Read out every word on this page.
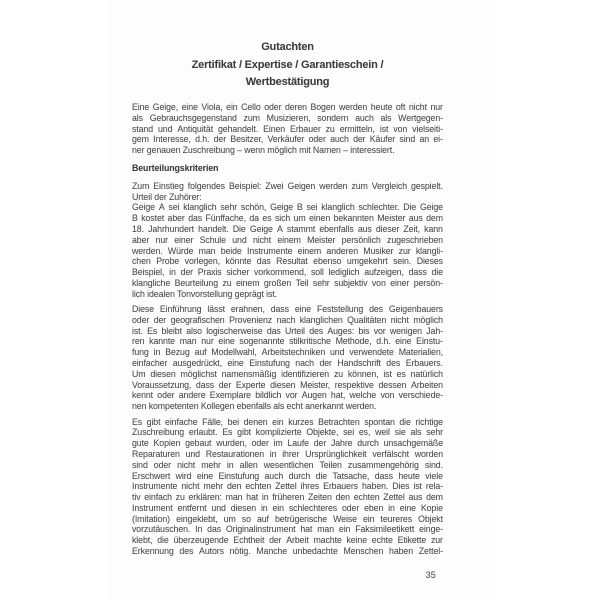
Gutachten
Zertifikat / Expertise / Garantieschein /
Wertbestätigung
Eine Geige, eine Viola, ein Cello oder deren Bogen werden heute oft nicht nur
als Gebrauchsgegenstand zum Musizieren, sondern auch als Wertgegen-
stand und Antiquität gehandelt. Einen Erbauer zu ermitteln, ist von vielseiti-
gem Interesse, d.h. der Besitzer, Verkäufer oder auch der Käufer sind an ei-
ner genauen Zuschreibung – wenn möglich mit Namen – interessiert.
Beurteilungskriterien
Zum Einstieg folgendes Beispiel: Zwei Geigen werden zum Vergleich gespielt.
Urteil der Zuhörer:
Geige A sei klanglich sehr schön, Geige B sei klanglich schlechter. Die Geige
B kostet aber das Fünffache, da es sich um einen bekannten Meister aus dem
18. Jahrhundert handelt. Die Geige A stammt ebenfalls aus dieser Zeit, kann
aber nur einer Schule und nicht einem Meister persönlich zugeschrieben
werden. Würde man beide Instrumente einem anderen Musiker zur klangli-
chen Probe vorlegen, könnte das Resultat ebenso umgekehrt sein. Dieses
Beispiel, in der Praxis sicher vorkommend, soll lediglich aufzeigen, dass die
klangliche Beurteilung zu einem großen Teil sehr subjektiv von einer persön-
lich idealen Tonvorstellung geprägt ist.
Diese Einführung lässt erahnen, dass eine Feststellung des Geigenbauers
oder der geografischen Provenienz nach klanglichen Qualitäten nicht möglich
ist. Es bleibt also logischerweise das Urteil des Auges: bis vor wenigen Jah-
ren kannte man nur eine sogenannte stilkritische Methode, d.h. eine Einstu-
fung in Bezug auf Modellwahl, Arbeitstechniken und verwendete Materialien,
einfacher ausgedrückt, eine Einstufung nach der Handschrift des Erbauers.
Um diesen möglichst namensmäßig identifizieren zu können, ist es natürlich
Voraussetzung, dass der Experte diesen Meister, respektive dessen Arbeiten
kennt oder andere Exemplare bildlich vor Augen hat, welche von verschiede-
nen kompetenten Kollegen ebenfalls als echt anerkannt werden.
Es gibt einfache Fälle, bei denen ein kurzes Betrachten spontan die richtige
Zuschreibung erlaubt. Es gibt komplizierte Objekte, sei es, weil sie als sehr
gute Kopien gebaut wurden, oder im Laufe der Jahre durch unsachgemäße
Reparaturen und Restaurationen in ihrer Ursprünglichkeit verfälscht worden
sind oder nicht mehr in allen wesentlichen Teilen zusammengehörig sind.
Erschwert wird eine Einstufung auch durch die Tatsache, dass heute viele
Instrumente nicht mehr den echten Zettel ihres Erbauers haben. Dies ist rela-
tiv einfach zu erklären: man hat in früheren Zeiten den echten Zettel aus dem
Instrument entfernt und diesen in ein schlechteres oder eben in eine Kopie
(Imitation) eingeklebt, um so auf betrügerische Weise ein teureres Objekt
vorzutäuschen. In das Originalinstrument hat man ein Faksimileetikett einge-
klebt, die überzeugende Echtheit der Arbeit machte keine echte Etikette zur
Erkennung des Autors nötig. Manche unbedachte Menschen haben Zettel-
35
